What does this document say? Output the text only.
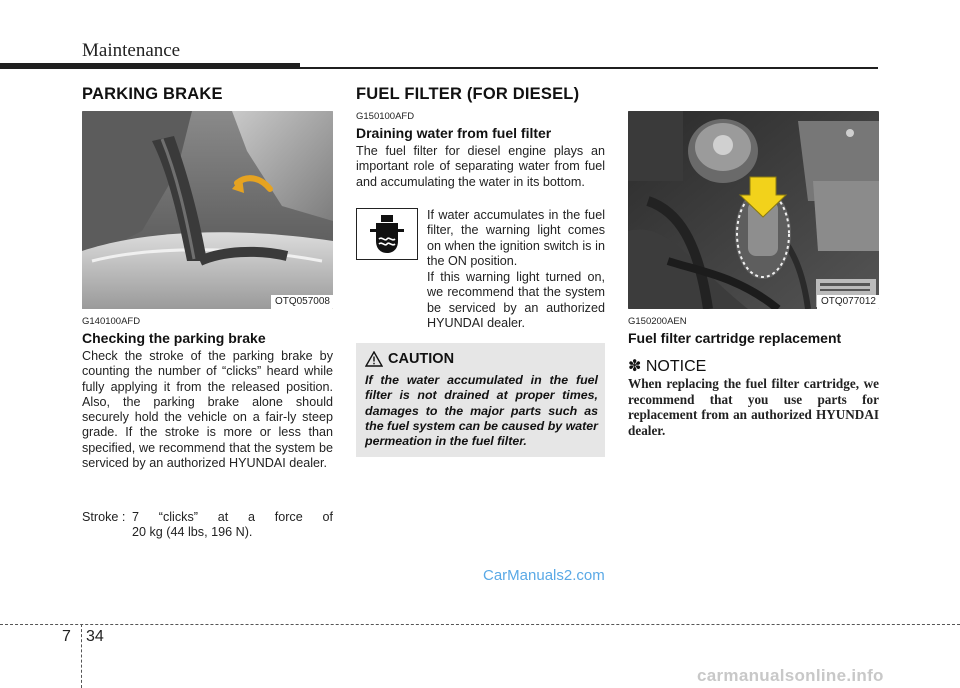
Maintenance
PARKING BRAKE	FUEL FILTER (FOR DIESEL)
OTQ057008
G140100AFD
Checking the parking brake

Check the stroke of the parking brake by counting the number of “clicks” heard while fully applying it from the released position. Also, the parking brake alone should securely hold the vehicle on a fair-ly steep grade. If the stroke is more or less than specified, we recommend that the system be serviced by an authorized HYUNDAI dealer.

Stroke : 7 “clicks” at a force of
20 kg (44 lbs, 196 N).
G150100AFD
Draining water from fuel filter

The fuel filter for diesel engine plays an important role of separating water from fuel and accumulating the water in its bottom.

If water accumulates in the fuel filter, the warning light comes on when the ignition switch is in the ON position.

If this warning light turned on, we recommend that the system be serviced by an authorized HYUNDAI dealer.

CAUTION

If the water accumulated in the fuel filter is not drained at proper times, damages to the major parts such as the fuel system can be caused by water permeation in the fuel filter.

OTQ077012
G150200AEN
Fuel filter cartridge replacement
✽ NOTICE

When replacing the fuel filter cartridge, we recommend that you use parts for replacement from an authorized HYUNDAI dealer.

CarManuals2.com
7 34
carmanualsonline.info
